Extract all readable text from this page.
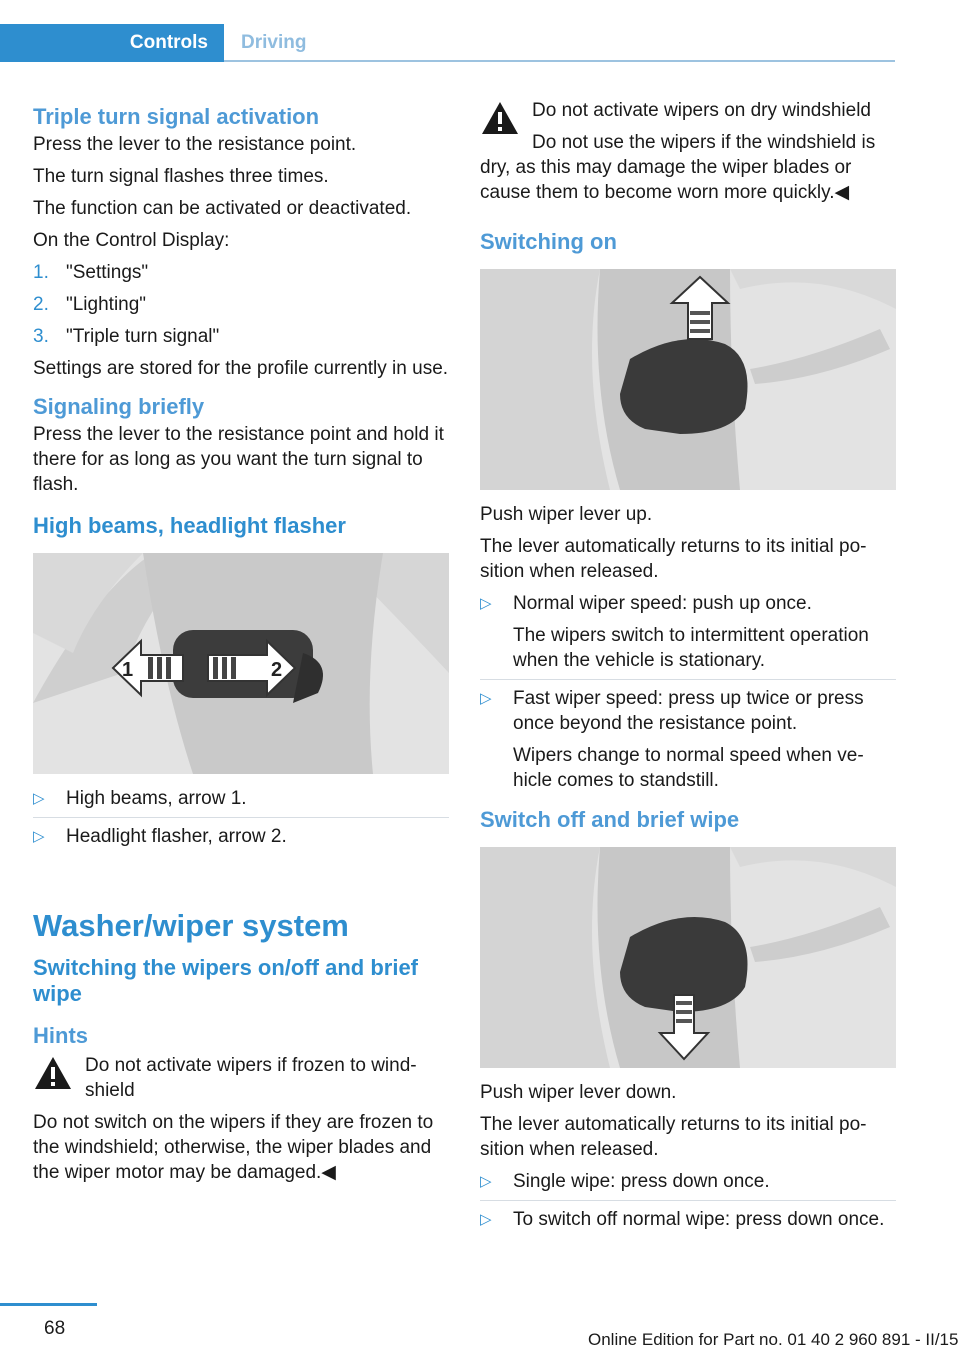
Controls	Driving
Triple turn signal activation

Press the lever to the resistance point.

The turn signal flashes three times.

The function can be activated or deactivated.

On the Control Display:

1. "Settings"
2. "Lighting"
3. "Triple turn signal"

Settings are stored for the profile currently in use.

Signaling briefly

Press the lever to the resistance point and hold it there for as long as you want the turn signal to flash.

High beams, headlight flasher
1	2
▷	High beams, arrow 1.
▷	Headlight flasher, arrow 2.
Washer/wiper system
Switching the wipers on/off and brief wipe
Hints

Do not activate wipers if frozen to windshield

Do not switch on the wipers if they are frozen to the windshield; otherwise, the wiper blades and the wiper motor may be damaged.◀

Do not activate wipers on dry windshield

Do not use the wipers if the windshield is

dry, as this may damage the wiper blades or cause them to become worn more quickly.◀

Switching on

Push wiper lever up.

The lever automatically returns to its initial position when released.

▷	Normal wiper speed: push up once.
The wipers switch to intermittent operation when the vehicle is stationary.
▷	Fast wiper speed: press up twice or press once beyond the resistance point.
Wipers change to normal speed when vehicle comes to standstill.
Switch off and brief wipe

Push wiper lever down.

The lever automatically returns to its initial position when released.

▷	Single wipe: press down once.
▷	To switch off normal wipe: press down once.
68
Online Edition for Part no. 01 40 2 960 891 - II/15
